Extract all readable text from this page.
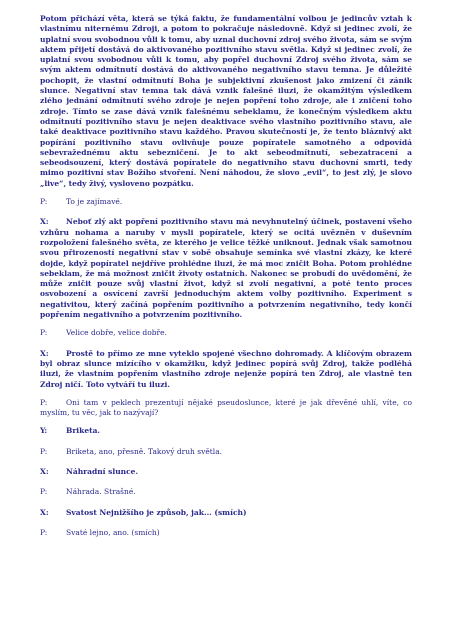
Potom přichází věta, která se týká faktu, že fundamentální volbou je jedincův vztah k vlastnímu niternému Zdroji, a potom to pokračuje následovně. Když si jedinec zvolí, že uplatní svou svobodnou vůli k tomu, aby uznal duchovní zdroj svého života, sám se svým aktem přijetí dostává do aktivovaného pozitivního stavu světla. Když si jedinec zvolí, že uplatní svou svobodnou vůli k tomu, aby popřel duchovní Zdroj svého života, sám se svým aktem odmítnutí dostává do aktivovaného negativního stavu temna. Je důležité pochopit, že vlastní odmítnutí Boha je subjektivní zkušenost jako zmizení či zánik slunce. Negativní stav temna tak dává vznik falešné iluzi, že okamžitým výsledkem zlého jednání odmítnutí svého zdroje je nejen popření toho zdroje, ale i zničení toho zdroje. Tímto se zase dává vznik falešnému sebeklamu, že konečným výsledkem aktu odmítnutí pozitivního stavu je nejen deaktivace svého vlastního pozitivního stavu, ale také deaktivace pozitivního stavu každého. Pravou skutečností je, že tento bláznivý akt popírání pozitivního stavu ovlivňuje pouze popíratele samotného a odpovídá sebevražednému aktu sebezničení. Je to akt sebeodmítnutí, sebezatracení a sebeodsouzení, který dostává popíratele do negativního stavu duchovní smrti, tedy mimo pozitivní stav Božího stvoření. Není náhodou, že slovo „evil“, to jest zlý, je slovo „live“, tedy živý, vysloveno pozpátku.

P:	To je zajímavé.

X: Neboť zlý akt popření pozitivního stavu má nevyhnutelný účinek, postavení všeho vzhůru nohama a naruby v mysli popíratele, který se ocitá uvězněn v duševním rozpoložení falešného světa, ze kterého je velice těžké uniknout. Jednak však samotnou svou přirozeností negativní stav v sobě obsahuje semínka své vlastní zkázy, ke které dojde, když popíratel nejdříve prohlédne iluzi, že má moc zničit Boha. Potom prohlédne sebeklam, že má možnost zničit životy ostatních. Nakonec se probudí do uvědomění, že může zničit pouze svůj vlastní život, když si zvolí negativní, a poté tento proces osvobození a osvícení završí jednoduchým aktem volby pozitivního. Experiment s negativitou, který začíná popřením pozitivního a potvrzením negativního, tedy končí popřením negativního a potvrzením pozitivního.

P:	Velice dobře, velice dobře.

X: Prostě to přímo ze mne vyteklo spojené všechno dohromady. A klíčovým obrazem byl obraz slunce mizícího v okamžiku, když jedinec popírá svůj Zdroj, takže podléhá iluzi, že vlastním popřením vlastního zdroje nejenže popírá ten Zdroj, ale vlastně ten Zdroj ničí. Toto vytváří tu iluzi.

P: Oni tam v peklech prezentují nějaké pseudoslunce, které je jak dřevěné uhlí, víte, co myslím, tu věc, jak to nazývají?

Y:	Briketa.
P:	Briketa, ano, přesně. Takový druh světla.
X:	Náhradní slunce.
P:	Náhrada. Strašné.
X:	Svatost Nejnižšího je způsob, jak... (smích)
P:	Svaté lejno, ano. (smích)
